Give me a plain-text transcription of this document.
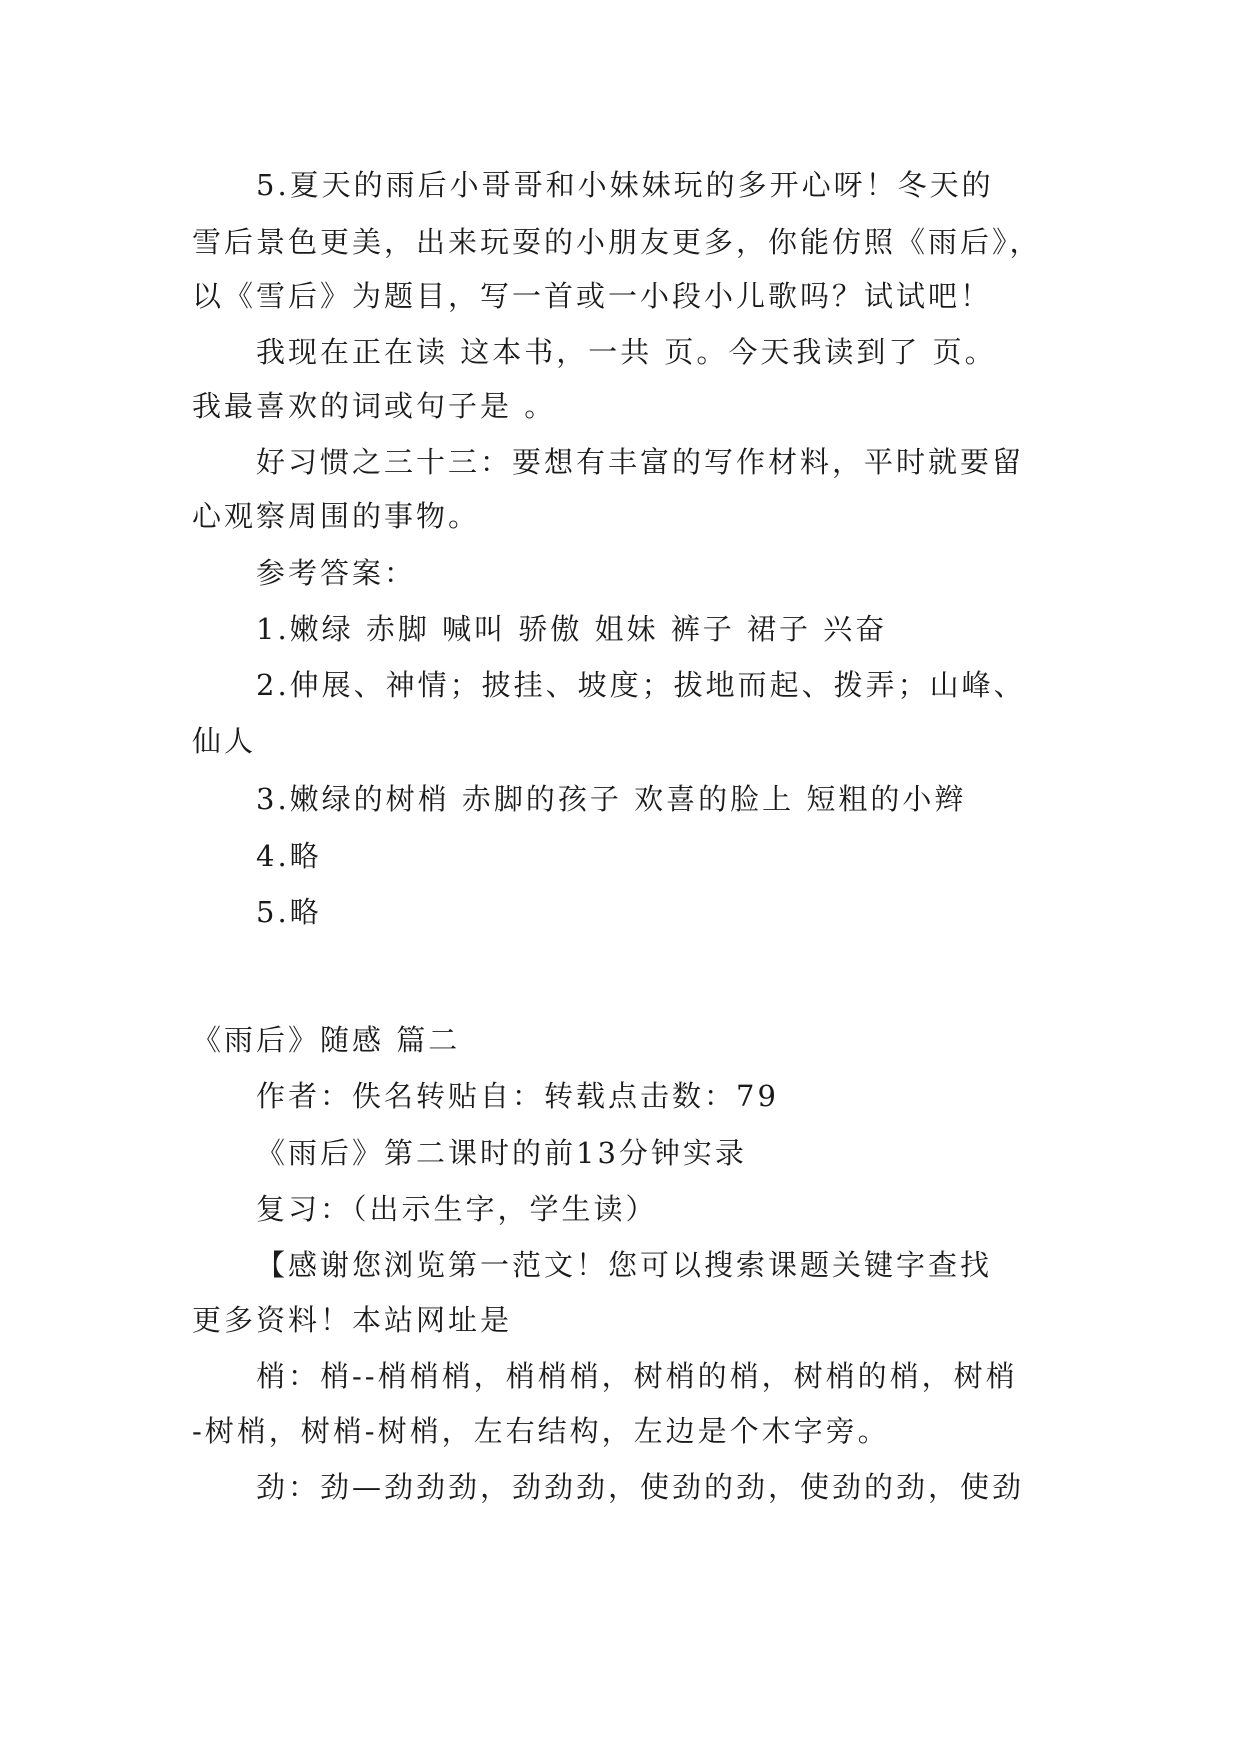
5.夏天的雨后小哥哥和小妹妹玩的多开心呀！冬天的
雪后景色更美，出来玩耍的小朋友更多，你能仿照《雨后》，
以《雪后》为题目，写一首或一小段小儿歌吗？试试吧！
我现在正在读 这本书，一共 页。今天我读到了 页。
我最喜欢的词或句子是 。
好习惯之三十三：要想有丰富的写作材料，平时就要留
心观察周围的事物。
参考答案：
1.嫩绿 赤脚 喊叫 骄傲 姐妹 裤子 裙子 兴奋
2.伸展、神情；披挂、坡度；拔地而起、拨弄；山峰、
仙人
3.嫩绿的树梢 赤脚的孩子 欢喜的脸上 短粗的小辫
4.略
5.略
《雨后》随感 篇二
作者：佚名转贴自：转载点击数：79
《雨后》第二课时的前13分钟实录
复习：（出示生字，学生读）
【感谢您浏览第一范文！您可以搜索课题关键字查找
更多资料！本站网址是
梢：梢--梢梢梢，梢梢梢，树梢的梢，树梢的梢，树梢
-树梢，树梢-树梢，左右结构，左边是个木字旁。
劲：劲—劲劲劲，劲劲劲，使劲的劲，使劲的劲，使劲
